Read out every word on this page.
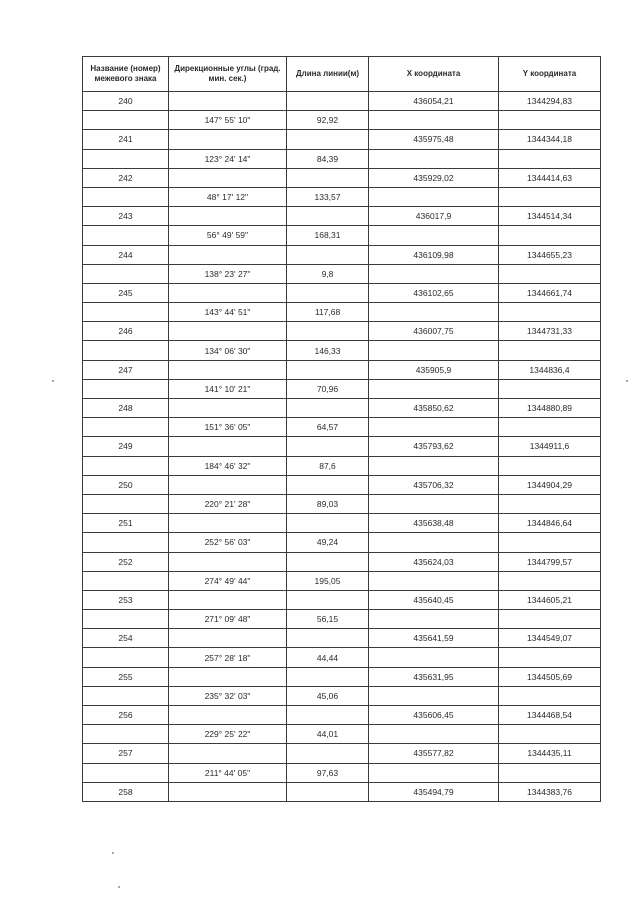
Название (номер) межевого знака	Дирекционные углы (град. мин. сек.)	Длина линии(м)	X координата	Y координата
240			436054,21	1344294,83
	147° 55' 10"	92,92		
241			435975,48	1344344,18
	123° 24' 14"	84,39		
242			435929,02	1344414,63
	48° 17' 12"	133,57		
243			436017,9	1344514,34
	56° 49' 59"	168,31		
244			436109,98	1344655,23
	138° 23' 27"	9,8		
245			436102,65	1344661,74
	143° 44' 51"	117,68		
246			436007,75	1344731,33
	134° 06' 30"	146,33		
247			435905,9	1344836,4
	141° 10' 21"	70,96		
248			435850,62	1344880,89
	151° 36' 05"	64,57		
249			435793,62	1344911,6
	184° 46' 32"	87,6		
250			435706,32	1344904,29
	220° 21' 28"	89,03		
251			435638,48	1344846,64
	252° 56' 03"	49,24		
252			435624,03	1344799,57
	274° 49' 44"	195,05		
253			435640,45	1344605,21
	271° 09' 48"	56,15		
254			435641,59	1344549,07
	257° 28' 18"	44,44		
255			435631,95	1344505,69
	235° 32' 03"	45,06		
256			435606,45	1344468,54
	229° 25' 22"	44,01		
257			435577,82	1344435,11
	211° 44' 05"	97,63		
258			435494,79	1344383,76
